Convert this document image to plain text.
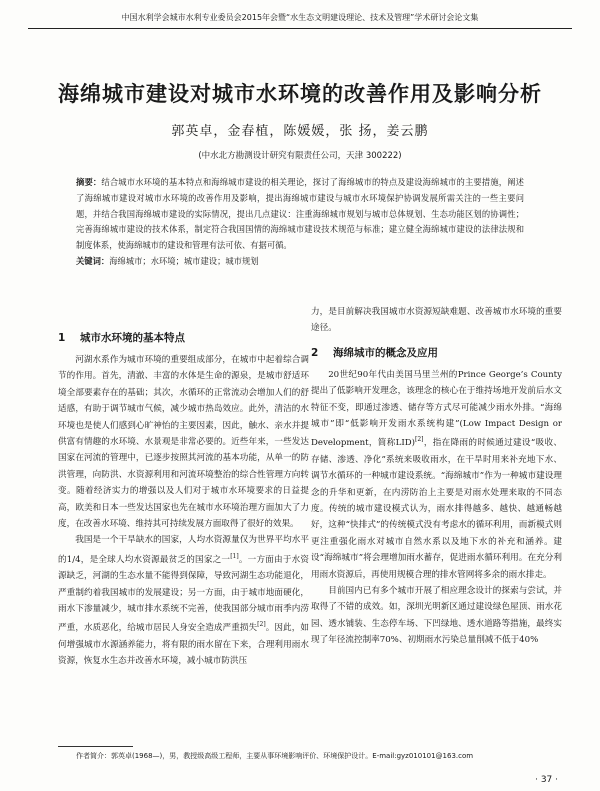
中国水利学会城市水利专业委员会2015年会暨“水生态文明建设理论、技术及管理”学术研讨会论文集
海绵城市建设对城市水环境的改善作用及影响分析
郭英卓，金春植，陈媛媛，张 扬，姜云鹏
(中水北方勘测设计研究有限责任公司，天津 300222)
摘要：结合城市水环境的基本特点和海绵城市建设的相关理论，探讨了海绵城市的特点及建设海绵城市的主要措施，阐述了海绵城市建设对城市水环境的改善作用及影响，提出海绵城市建设与城市水环境保护协调发展所需关注的一些主要问题，并结合我国海绵城市建设的实际情况，提出几点建议：注重海绵城市规划与城市总体规划、生态功能区划的协调性；完善海绵城市建设的技术体系，制定符合我国国情的海绵城市建设技术规范与标准；建立健全海绵城市建设的法律法规和制度体系，使海绵城市的建设和管理有法可依、有据可循。
关键词：海绵城市；水环境；城市建设；城市规划
1 城市水环境的基本特点

河湖水系作为城市环境的重要组成部分，在城市中起着综合调节的作用。首先，清澈、丰富的水体是生命的源泉，是城市舒适环境全部要素存在的基础；其次，水循环的正常流动会增加人们的舒适感，有助于调节城市气候，减少城市热岛效应。此外，清洁的水环境也是使人们感到心旷神怡的主要因素，因此，触水、亲水并提供富有情趣的水环境、水景观是非常必要的。近些年来，一些发达国家在河流的管理中，已逐步按照其河流的基本功能，从单一的防洪管理，向防洪、水资源利用和河流环境整治的综合性管理方向转变。随着经济实力的增强以及人们对于城市水环境要求的日益提高，欧美和日本一些发达国家也先在城市水环境治理方面加大了力度，在改善水环境、维持其可持续发展方面取得了很好的效果。

我国是一个干旱缺水的国家，人均水资源量仅为世界平均水平的1/4，是全球人均水资源最贫乏的国家之一[1]。一方面由于水资源缺乏，河湖的生态水量不能得到保障，导致河湖生态功能退化，严重制约着我国城市的发展建设；另一方面，由于城市地面硬化，雨水下渗量减少，城市排水系统不完善，使我国部分城市雨季内涝严重，水质恶化，给城市居民人身安全造成严重损失[2]。因此，如何增强城市水源涵养能力，将有限的雨水留在下来，合理利用雨水资源，恢复水生态并改善水环境，减小城市防洪压

力，是目前解决我国城市水资源短缺难题、改善城市水环境的重要途径。

2 海绵城市的概念及应用

20世纪90年代由美国马里兰州的Prince George’s County提出了低影响开发理念，该理念的核心在于维持场地开发前后水文特征不变，即通过渗透、储存等方式尽可能减少雨水外排。“海绵城市”即“低影响开发雨水系统构建”(Low Impact Design or Development，简称LID)[2]，指在降雨的时候通过建设“吸收、存储、渗透、净化”系统来吸收雨水，在干旱时用来补充地下水、调节水循环的一种城市建设系统。“海绵城市”作为一种城市建设理念的升华和更新，在内涝防治上主要是对雨水处理来取的不同态度。传统的城市建设模式认为，雨水排得越多、越快、越通畅越好，这种“快排式”的传统模式没有考虑水的循环利用，而新模式则更注重强化雨水对城市自然水系以及地下水的补充和涵养。建设“海绵城市”将会理增加雨水蓄存，促进雨水循环利用。在充分利用雨水资源后，再使用规模合理的排水管网将多余的雨水排走。

目前国内已有多个城市开展了相应理念设计的探索与尝试，并取得了不错的成效。如，深圳光明新区通过建设绿色屋顶、雨水花园、透水铺装、生态停车场、下凹绿地、透水道路等措施，最终实现了年径流控制率70%、初期雨水污染总量削减不低于40%

作者简介：郭英卓(1968—)，男，教授级高级工程师，主要从事环境影响评价、环境保护设计。E-mail:gyz010101@163.com
· 37 ·
